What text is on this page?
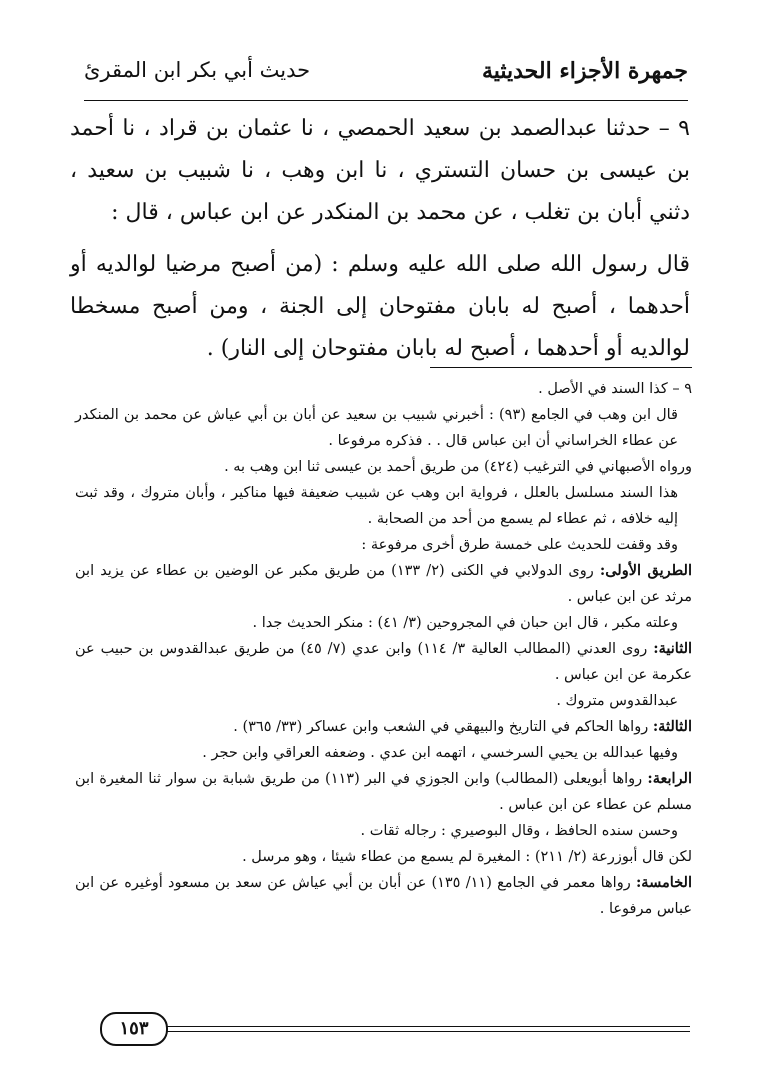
جمهرة الأجزاء الحديثية
حديث أبي بكر ابن المقرئ

٩ – حدثنا عبدالصمد بن سعيد الحمصي ، نا عثمان بن قراد ، نا أحمد بن عيسى بن حسان التستري ، نا ابن وهب ، نا شبيب بن سعيد ، دثني أبان بن تغلب ، عن محمد بن المنكدر عن ابن عباس ، قال :

قال رسول الله صلى الله عليه وسلم : (من أصبح مرضيا لوالديه أو أحدهما ، أصبح له بابان مفتوحان إلى الجنة ، ومن أصبح مسخطا لوالديه أو أحدهما ، أصبح له بابان مفتوحان إلى النار) .

٩ – كذا السند في الأصل .

قال ابن وهب في الجامع (٩٣) : أخبرني شبيب بن سعيد عن أبان بن أبي عياش عن محمد بن المنكدر عن عطاء الخراساني أن ابن عباس قال . . فذكره مرفوعا .

ورواه الأصبهاني في الترغيب (٤٢٤) من طريق أحمد بن عيسى ثنا ابن وهب به .

هذا السند مسلسل بالعلل ، فرواية ابن وهب عن شبيب ضعيفة فيها مناكير ، وأبان متروك ، وقد ثبت إليه خلافه ، ثم عطاء لم يسمع من أحد من الصحابة .

وقد وقفت للحديث على خمسة طرق أخرى مرفوعة :

الطريق الأولى: روى الدولابي في الكنى (٢/ ١٣٣) من طريق مكبر عن الوضين بن عطاء عن يزيد ابن مرثد عن ابن عباس .

وعلته مكبر ، قال ابن حبان في المجروحين (٣/ ٤١) : منكر الحديث جدا .

الثانية: روى العدني (المطالب العالية ٣/ ١١٤) وابن عدي (٧/ ٤٥) من طريق عبدالقدوس بن حبيب عن عكرمة عن ابن عباس .

عبدالقدوس متروك .

الثالثة: رواها الحاكم في التاريخ والبيهقي في الشعب وابن عساكر (٣٣/ ٣٦٥) .

وفيها عبدالله بن يحيي السرخسي ، اتهمه ابن عدي . وضعفه العراقي وابن حجر .

الرابعة: رواها أبويعلى (المطالب) وابن الجوزي في البر (١١٣) من طريق شبابة بن سوار ثنا المغيرة ابن مسلم عن عطاء عن ابن عباس .

وحسن سنده الحافظ ، وقال البوصيري : رجاله ثقات .

لكن قال أبوزرعة (٢/ ٢١١) : المغيرة لم يسمع من عطاء شيئا ، وهو مرسل .

الخامسة: رواها معمر في الجامع (١١/ ١٣٥) عن أبان بن أبي عياش عن سعد بن مسعود أوغيره عن ابن عباس مرفوعا .

١٥٣
